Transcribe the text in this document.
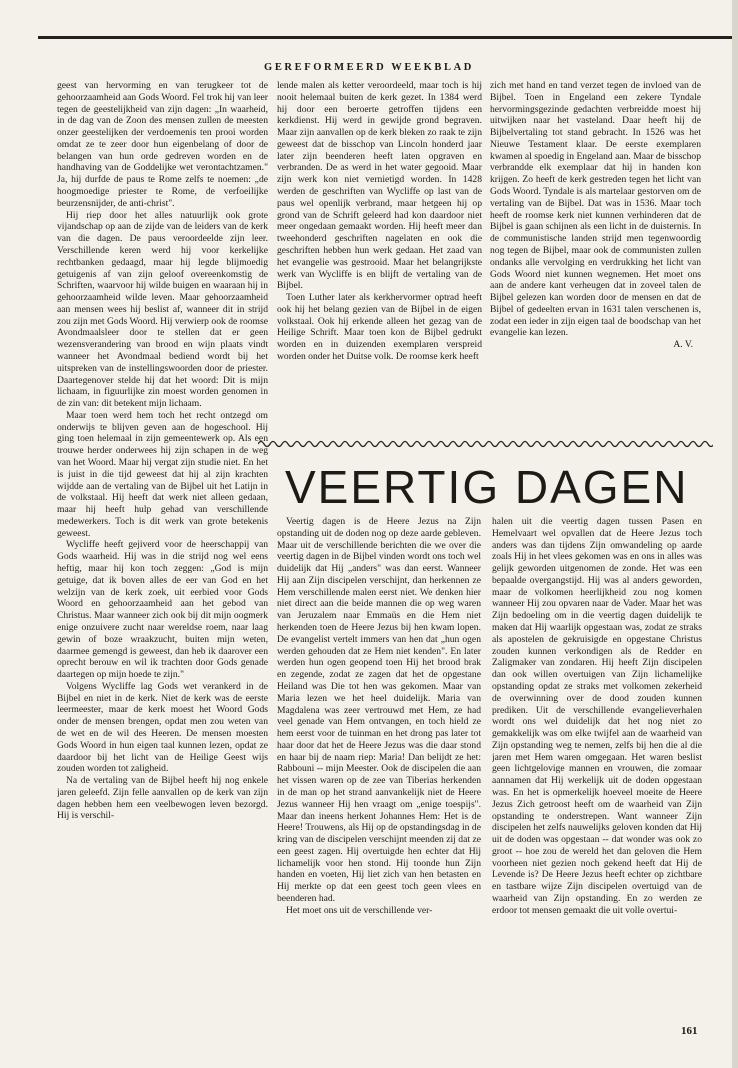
GEREFORMEERD WEEKBLAD

geest van hervorming en van terugkeer tot de gehoorzaamheid aan Gods Woord. Fel trok hij van leer tegen de geestelijkheid van zijn dagen: „In waarheid, in de dag van de Zoon des mensen zullen de meesten onzer geestelijken der verdoemenis ten prooi worden omdat ze te zeer door hun eigenbelang of door de belangen van hun orde gedreven worden en de handhaving van de Goddelijke wet verontachtzamen." Ja, hij durfde de paus te Rome zelfs te noemen: „de hoogmoedige priester te Rome, de verfoeilijke beurzensnijder, de anti-christ".

Hij riep door het alles natuurlijk ook grote vijandschap op aan de zijde van de leiders van de kerk van die dagen. De paus veroordeelde zijn leer. Verschillende keren werd hij voor kerkelijke rechtbanken gedaagd, maar hij legde blijmoedig getuigenis af van zijn geloof overeenkomstig de Schriften, waarvoor hij wilde buigen en waaraan hij in gehoorzaamheid wilde leven. Maar gehoorzaamheid aan mensen wees hij beslist af, wanneer dit in strijd zou zijn met Gods Woord. Hij verwierp ook de roomse Avondmaalsleer door te stellen dat er geen wezensverandering van brood en wijn plaats vindt wanneer het Avondmaal bediend wordt bij het uitspreken van de instellingswoorden door de priester. Daartegenover stelde hij dat het woord: Dit is mijn lichaam, in figuurlijke zin moest worden genomen in de zin van: dit betekent mijn lichaam.

Maar toen werd hem toch het recht ontzegd om onderwijs te blijven geven aan de hogeschool. Hij ging toen helemaal in zijn gemeentewerk op. Als een trouwe herder onderwees hij zijn schapen in de weg van het Woord. Maar hij vergat zijn studie niet. En het is juist in die tijd geweest dat hij al zijn krachten wijdde aan de vertaling van de Bijbel uit het Latijn in de volkstaal. Hij heeft dat werk niet alleen gedaan, maar hij heeft hulp gehad van verschillende medewerkers. Toch is dit werk van grote betekenis geweest.

Wycliffe heeft gejiverd voor de heerschappij van Gods waarheid. Hij was in die strijd nog wel eens heftig, maar hij kon toch zeggen: „God is mijn getuige, dat ik boven alles de eer van God en het welzijn van de kerk zoek, uit eerbied voor Gods Woord en gehoorzaamheid aan het gebod van Christus. Maar wanneer zich ook bij dit mijn oogmerk enige onzuivere zucht naar wereldse roem, naar laag gewin of boze wraakzucht, buiten mijn weten, daarmee gemengd is geweest, dan heb ik daarover een oprecht berouw en wil ik trachten door Gods genade daartegen op mijn hoede te zijn."

Volgens Wycliffe lag Gods wet verankerd in de Bijbel en niet in de kerk. Niet de kerk was de eerste leermeester, maar de kerk moest het Woord Gods onder de mensen brengen, opdat men zou weten van de wet en de wil des Heeren. De mensen moesten Gods Woord in hun eigen taal kunnen lezen, opdat ze daardoor bij het licht van de Heilige Geest wijs zouden worden tot zaligheid.

Na de vertaling van de Bijbel heeft hij nog enkele jaren geleefd. Zijn felle aanvallen op de kerk van zijn dagen hebben hem een veelbewogen leven bezorgd. Hij is verschil-

lende malen als ketter veroordeeld, maar toch is hij nooit helemaal buiten de kerk gezet. In 1384 werd hij door een beroerte getroffen tijdens een kerkdienst. Hij werd in gewijde grond begraven. Maar zijn aanvallen op de kerk bleken zo raak te zijn geweest dat de bisschop van Lincoln honderd jaar later zijn beenderen heeft laten opgraven en verbranden. De as werd in het water gegooid. Maar zijn werk kon niet vernietigd worden. In 1428 werden de geschriften van Wycliffe op last van de paus wel openlijk verbrand, maar hetgeen hij op grond van de Schrift geleerd had kon daardoor niet meer ongedaan gemaakt worden. Hij heeft meer dan tweehonderd geschriften nagelaten en ook die geschriften hebben hun werk gedaan. Het zaad van het evangelie was gestrooid. Maar het belangrijkste werk van Wycliffe is en blijft de vertaling van de Bijbel.

Toen Luther later als kerkhervormer optrad heeft ook hij het belang gezien van de Bijbel in de eigen volkstaal. Ook hij erkende alleen het gezag van de Heilige Schrift. Maar toen kon de Bijbel gedrukt worden en in duizenden exemplaren verspreid worden onder het Duitse volk. De roomse kerk heeft

zich met hand en tand verzet tegen de invloed van de Bijbel. Toen in Engeland een zekere Tyndale hervormingsgezinde gedachten verbreidde moest hij uitwijken naar het vasteland. Daar heeft hij de Bijbelvertaling tot stand gebracht. In 1526 was het Nieuwe Testament klaar. De eerste exemplaren kwamen al spoedig in Engeland aan. Maar de bisschop verbrandde elk exemplaar dat hij in handen kon krijgen. Zo heeft de kerk gestreden tegen het licht van Gods Woord. Tyndale is als martelaar gestorven om de vertaling van de Bijbel. Dat was in 1536. Maar toch heeft de roomse kerk niet kunnen verhinderen dat de Bijbel is gaan schijnen als een licht in de duisternis. In de communistische landen strijd men tegenwoordig nog tegen de Bijbel, maar ook de communisten zullen ondanks alle vervolging en verdrukking het licht van Gods Woord niet kunnen wegnemen. Het moet ons aan de andere kant verheugen dat in zoveel talen de Bijbel gelezen kan worden door de mensen en dat de Bijbel of gedeelten ervan in 1631 talen verschenen is, zodat een ieder in zijn eigen taal de boodschap van het evangelie kan lezen.

A. V.
VEERTIG DAGEN

Veertig dagen is de Heere Jezus na Zijn opstanding uit de doden nog op deze aarde gebleven. Maar uit de verschillende berichten die we over die veertig dagen in de Bijbel vinden wordt ons toch wel duidelijk dat Hij „anders" was dan eerst. Wanneer Hij aan Zijn discipelen verschijnt, dan herkennen ze Hem verschillende malen eerst niet. We denken hier niet direct aan die beide mannen die op weg waren van Jeruzalem naar Emmaüs en die Hem niet herkenden toen de Heere Jezus bij hen kwam lopen. De evangelist vertelt immers van hen dat „hun ogen werden gehouden dat ze Hem niet kenden". En later werden hun ogen geopend toen Hij het brood brak en zegende, zodat ze zagen dat het de opgestane Heiland was Die tot hen was gekomen. Maar van Maria lezen we het heel duidelijk. Maria van Magdalena was zeer vertrouwd met Hem, ze had veel genade van Hem ontvangen, en toch hield ze hem eerst voor de tuinman en het drong pas later tot haar door dat het de Heere Jezus was die daar stond en haar bij de naam riep: Maria! Dan belijdt ze het: Rabbouni -- mijn Meester. Ook de discipelen die aan het vissen waren op de zee van Tiberias herkenden in de man op het strand aanvankelijk niet de Heere Jezus wanneer Hij hen vraagt om „enige toespijs". Maar dan ineens herkent Johannes Hem: Het is de Heere! Trouwens, als Hij op de opstandingsdag in de kring van de discipelen verschijnt meenden zij dat ze een geest zagen. Hij overtuigde hen echter dat Hij lichamelijk voor hen stond. Hij toonde hun Zijn handen en voeten, Hij liet zich van hen betasten en Hij merkte op dat een geest toch geen vlees en beenderen had.

Het moet ons uit de verschillende ver-

halen uit die veertig dagen tussen Pasen en Hemelvaart wel opvallen dat de Heere Jezus toch anders was dan tijdens Zijn omwandeling op aarde zoals Hij in het vlees gekomen was en ons in alles was gelijk geworden uitgenomen de zonde. Het was een bepaalde overgangstijd. Hij was al anders geworden, maar de volkomen heerlijkheid zou nog komen wanneer Hij zou opvaren naar de Vader. Maar het was Zijn bedoeling om in die veertig dagen duidelijk te maken dat Hij waarlijk opgestaan was, zodat ze straks als apostelen de gekruisigde en opgestane Christus zouden kunnen verkondigen als de Redder en Zaligmaker van zondaren. Hij heeft Zijn discipelen dan ook willen overtuigen van Zijn lichamelijke opstanding opdat ze straks met volkomen zekerheid de overwinning over de dood zouden kunnen prediken. Uit de verschillende evangelieverhalen wordt ons wel duidelijk dat het nog niet zo gemakkelijk was om elke twijfel aan de waarheid van Zijn opstanding weg te nemen, zelfs bij hen die al die jaren met Hem waren omgegaan. Het waren beslist geen lichtgelovige mannen en vrouwen, die zomaar aannamen dat Hij werkelijk uit de doden opgestaan was. En het is opmerkelijk hoeveel moeite de Heere Jezus Zich getroost heeft om de waarheid van Zijn opstanding te onderstrepen. Want wanneer Zijn discipelen het zelfs nauwelijks geloven konden dat Hij uit de doden was opgestaan -- dat wonder was ook zo groot -- hoe zou de wereld het dan geloven die Hem voorheen niet gezien noch gekend heeft dat Hij de Levende is? De Heere Jezus heeft echter op zichtbare en tastbare wijze Zijn discipelen overtuigd van de waarheid van Zijn opstanding. En zo werden ze erdoor tot mensen gemaakt die uit volle overtui-

161
